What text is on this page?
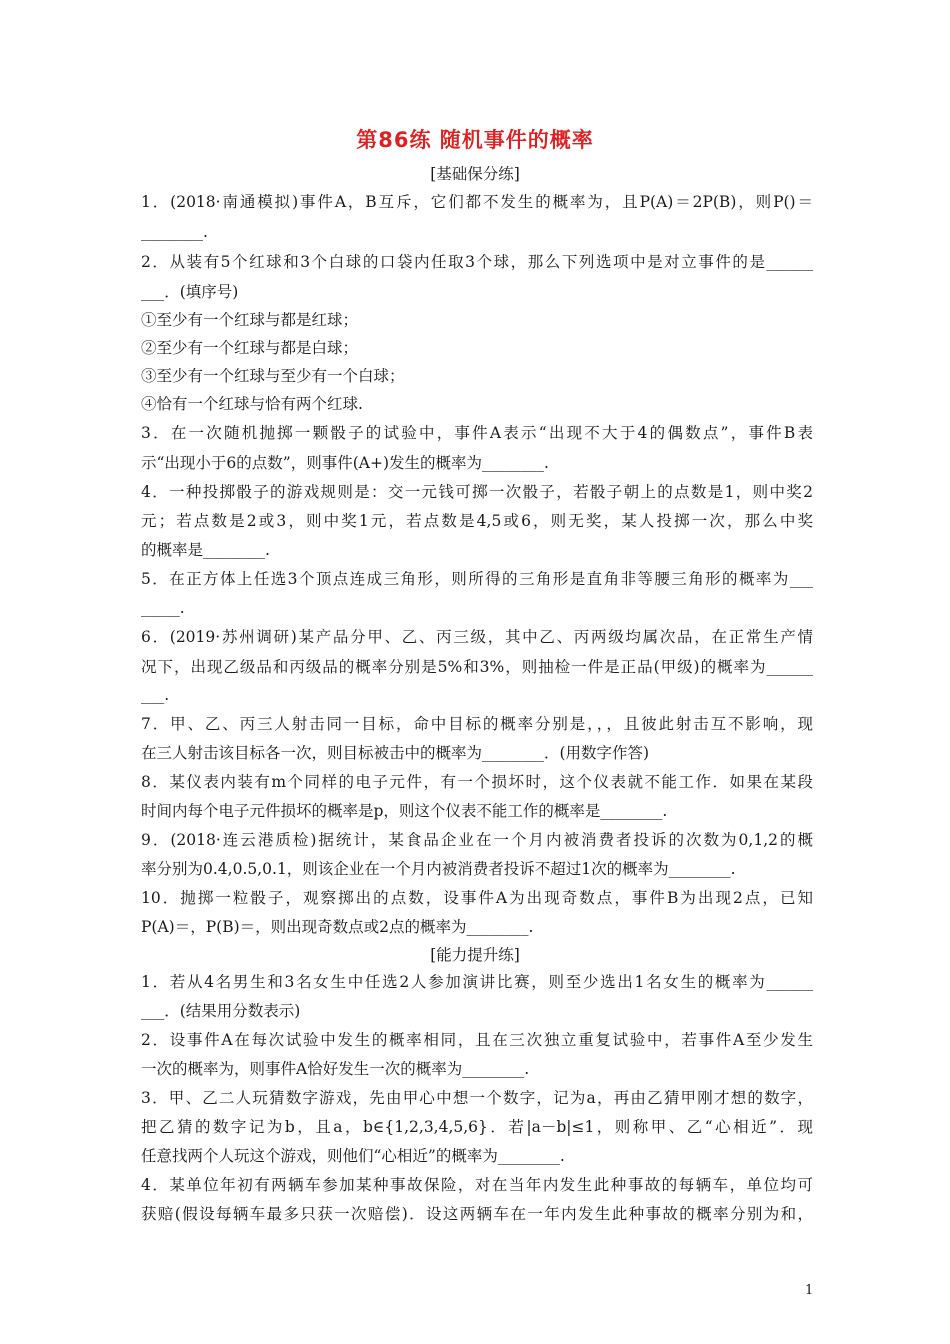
第86练 随机事件的概率
[基础保分练]
1．(2018·南通模拟)事件A，B互斥，它们都不发生的概率为，且P(A)＝2P(B)，则P()＝
________.
2．从装有5个红球和3个白球的口袋内任取3个球，那么下列选项中是对立事件的是______
___．(填序号)
①至少有一个红球与都是红球；
②至少有一个红球与都是白球；
③至少有一个红球与至少有一个白球；
④恰有一个红球与恰有两个红球.
3．在一次随机抛掷一颗骰子的试验中，事件A表示“出现不大于4的偶数点”，事件B表
示“出现小于6的点数”，则事件(A+)发生的概率为________.
4．一种投掷骰子的游戏规则是：交一元钱可掷一次骰子，若骰子朝上的点数是1，则中奖2
元；若点数是2或3，则中奖1元，若点数是4,5或6，则无奖，某人投掷一次，那么中奖
的概率是________.
5．在正方体上任选3个顶点连成三角形，则所得的三角形是直角非等腰三角形的概率为___
_____.
6．(2019·苏州调研)某产品分甲、乙、丙三级，其中乙、丙两级均属次品，在正常生产情
况下，出现乙级品和丙级品的概率分别是5%和3%，则抽检一件是正品(甲级)的概率为______
___.
7．甲、乙、丙三人射击同一目标，命中目标的概率分别是，，，且彼此射击互不影响，现
在三人射击该目标各一次，则目标被击中的概率为________．(用数字作答)
8．某仪表内装有m个同样的电子元件，有一个损坏时，这个仪表就不能工作．如果在某段
时间内每个电子元件损坏的概率是p，则这个仪表不能工作的概率是________.
9．(2018·连云港质检)据统计，某食品企业在一个月内被消费者投诉的次数为0,1,2的概
率分别为0.4,0.5,0.1，则该企业在一个月内被消费者投诉不超过1次的概率为________.
10．抛掷一粒骰子，观察掷出的点数，设事件A为出现奇数点，事件B为出现2点，已知
P(A)＝，P(B)＝，则出现奇数点或2点的概率为________.
[能力提升练]
1．若从4名男生和3名女生中任选2人参加演讲比赛，则至少选出1名女生的概率为______
___．(结果用分数表示)
2．设事件A在每次试验中发生的概率相同，且在三次独立重复试验中，若事件A至少发生
一次的概率为，则事件A恰好发生一次的概率为________.
3．甲、乙二人玩猜数字游戏，先由甲心中想一个数字，记为a，再由乙猜甲刚才想的数字，
把乙猜的数字记为b，且a，b∈{1,2,3,4,5,6}．若|a－b|≤1，则称甲、乙“心相近”．现
任意找两个人玩这个游戏，则他们“心相近”的概率为________.
4．某单位年初有两辆车参加某种事故保险，对在当年内发生此种事故的每辆车，单位均可
获赔(假设每辆车最多只获一次赔偿)．设这两辆车在一年内发生此种事故的概率分别为和，
1
